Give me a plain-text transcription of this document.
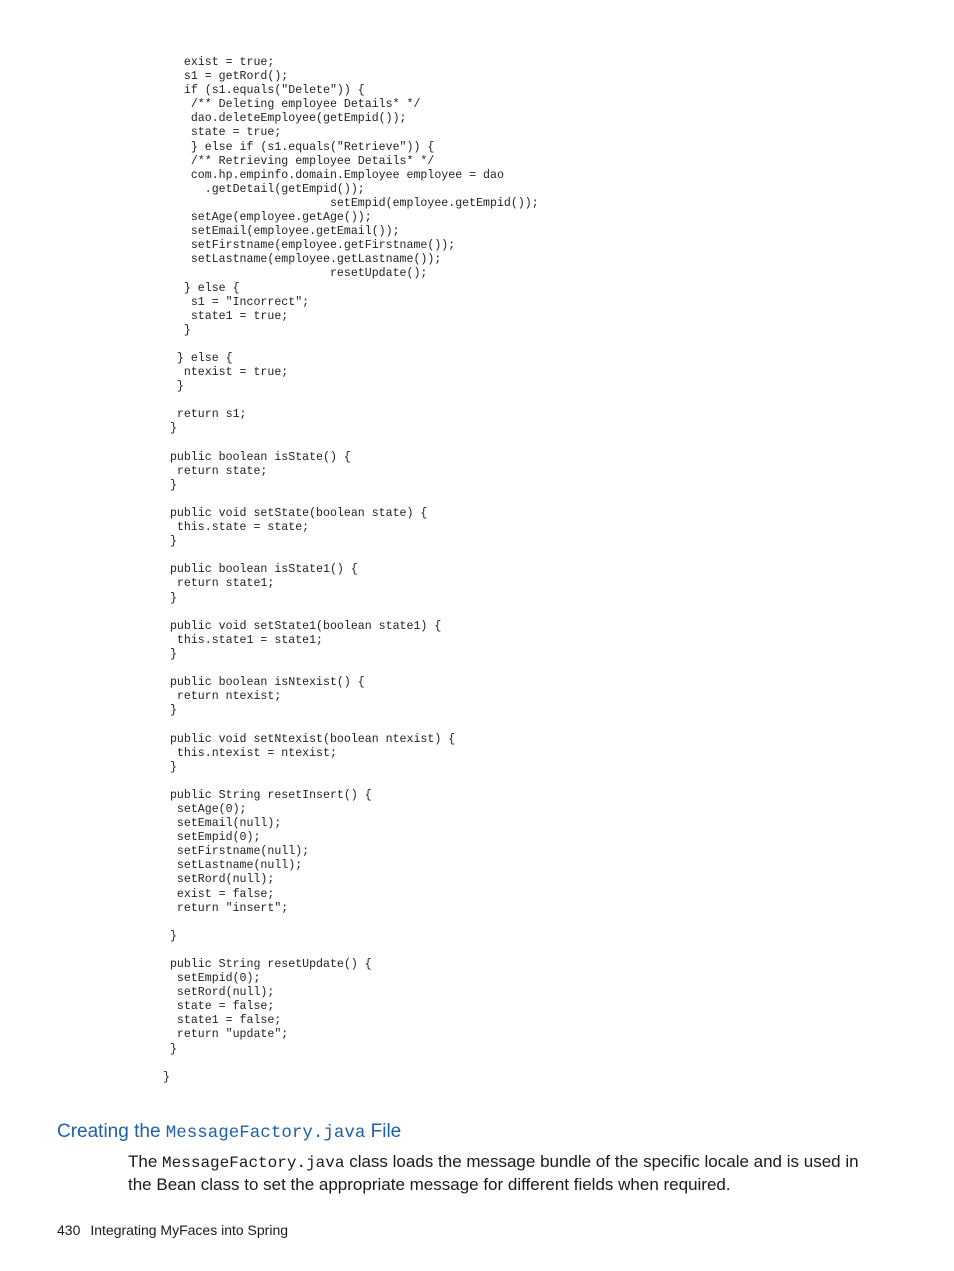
exist = true;
s1 = getRord();
if (s1.equals("Delete")) {
/** Deleting employee Details* */
dao.deleteEmployee(getEmpid());
state = true;
} else if (s1.equals("Retrieve")) {
/** Retrieving employee Details* */
com.hp.empinfo.domain.Employee employee = dao
.getDetail(getEmpid());
setEmpid(employee.getEmpid());
setAge(employee.getAge());
setEmail(employee.getEmail());
setFirstname(employee.getFirstname());
setLastname(employee.getLastname());
resetUpdate();
} else {
s1 = "Incorrect";
state1 = true;
}
} else {
ntexist = true;
}
return s1;
}
public boolean isState() {
return state;
}
public void setState(boolean state) {
this.state = state;
}
public boolean isState1() {
return state1;
}
public void setState1(boolean state1) {
this.state1 = state1;
}
public boolean isNtexist() {
return ntexist;
}
public void setNtexist(boolean ntexist) {
this.ntexist = ntexist;
}
public String resetInsert() {
setAge(0);
setEmail(null);
setEmpid(0);
setFirstname(null);
setLastname(null);
setRord(null);
exist = false;
return "insert";
}
public String resetUpdate() {
setEmpid(0);
setRord(null);
state = false;
state1 = false;
return "update";
}
}
Creating the MessageFactory.java File

The MessageFactory.java class loads the message bundle of the specific locale and is used in the Bean class to set the appropriate message for different fields when required.

430 Integrating MyFaces into Spring
